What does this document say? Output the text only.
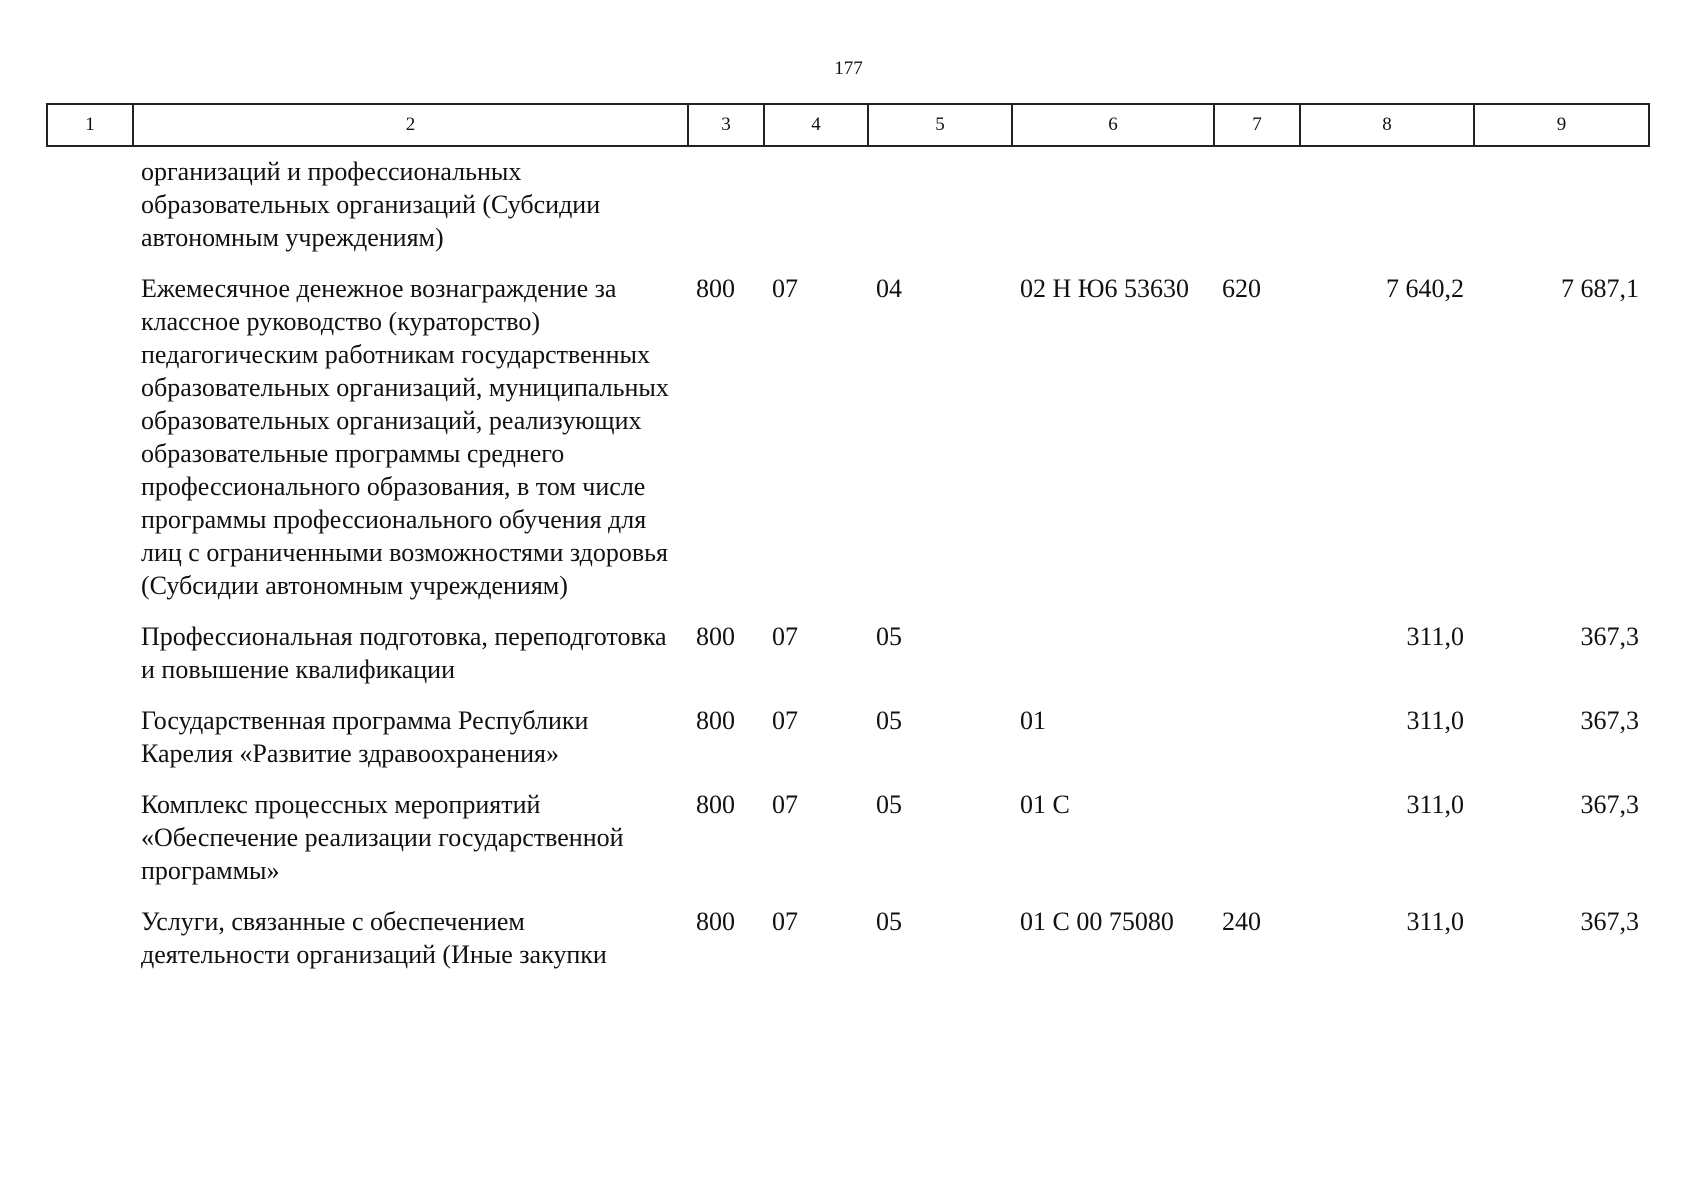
177
1	2	3	4	5	6	7	8	9
	организаций и профессиональных образовательных организаций (Субсидии автономным учреждениям)							
	Ежемесячное денежное вознаграждение за классное руководство (кураторство) педагогическим работникам государственных образовательных организаций, муниципальных образовательных организаций, реализующих образовательные программы среднего профессионального образования, в том числе программы профессионального обучения для лиц с ограниченными возможностями здоровья (Субсидии автономным учреждениям)	800	07	04	02 Н Ю6 53630	620	7 640,2	7 687,1
	Профессиональная подготовка, переподготовка и повышение квалификации	800	07	05			311,0	367,3
	Государственная программа Республики Карелия «Развитие здравоохранения»	800	07	05	01		311,0	367,3
	Комплекс процессных мероприятий «Обеспечение реализации государственной программы»	800	07	05	01 С		311,0	367,3
	Услуги, связанные с обеспечением деятельности организаций (Иные закупки	800	07	05	01 С 00 75080	240	311,0	367,3
